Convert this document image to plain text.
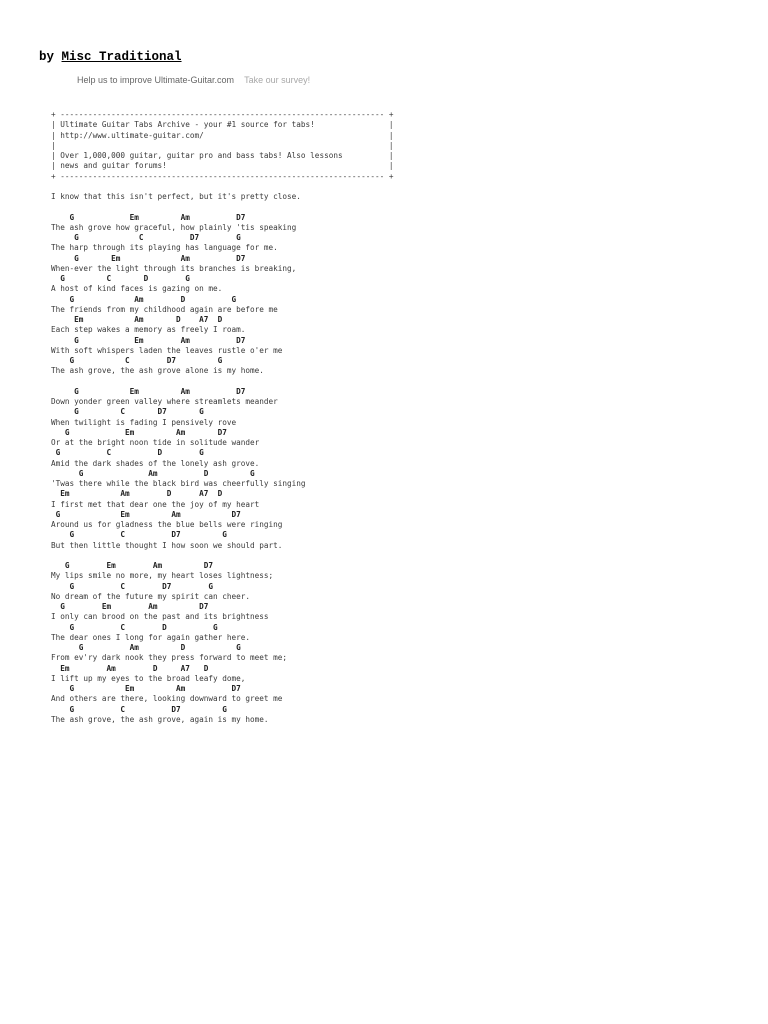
by Misc Traditional
Help us to improve Ultimate-Guitar.com Take our survey!
+ ---------------------------------------------------------------------- +
| Ultimate Guitar Tabs Archive - your #1 source for tabs!                |
| http://www.ultimate-guitar.com/                                        |
|                                                                        |
| Over 1,000,000 guitar, guitar pro and bass tabs! Also lessons          |
| news and guitar forums!                                                |
+ ---------------------------------------------------------------------- +
I know that this isn't perfect, but it's pretty close.
G            Em         Am          D7
The ash grove how graceful, how plainly 'tis speaking
G             C          D7        G
The harp through its playing has language for me.
G       Em             Am          D7
When-ever the light through its branches is breaking,
G         C       D        G
A host of kind faces is gazing on me.
G             Am        D          G
The friends from my childhood again are before me
Em           Am       D    A7  D
Each step wakes a memory as freely I roam.
G            Em        Am          D7
With soft whispers laden the leaves rustle o'er me
G           C        D7         G
The ash grove, the ash grove alone is my home.
G           Em         Am          D7
Down yonder green valley where streamlets meander
G         C       D7       G
When twilight is fading I pensively rove
G            Em         Am       D7
Or at the bright noon tide in solitude wander
G          C          D        G
Amid the dark shades of the lonely ash grove.
G              Am          D         G
'Twas there while the black bird was cheerfully singing
Em           Am        D      A7  D
I first met that dear one the joy of my heart
G             Em         Am           D7
Around us for gladness the blue bells were ringing
G          C          D7         G
But then little thought I how soon we should part.
G        Em        Am         D7
My lips smile no more, my heart loses lightness;
G          C        D7        G
No dream of the future my spirit can cheer.
G        Em        Am         D7
I only can brood on the past and its brightness
G          C        D          G
The dear ones I long for again gather here.
G          Am         D           G
From ev'ry dark nook they press forward to meet me;
Em        Am        D     A7   D
I lift up my eyes to the broad leafy dome,
G           Em         Am          D7
And others are there, looking downward to greet me
G          C          D7         G
The ash grove, the ash grove, again is my home.
